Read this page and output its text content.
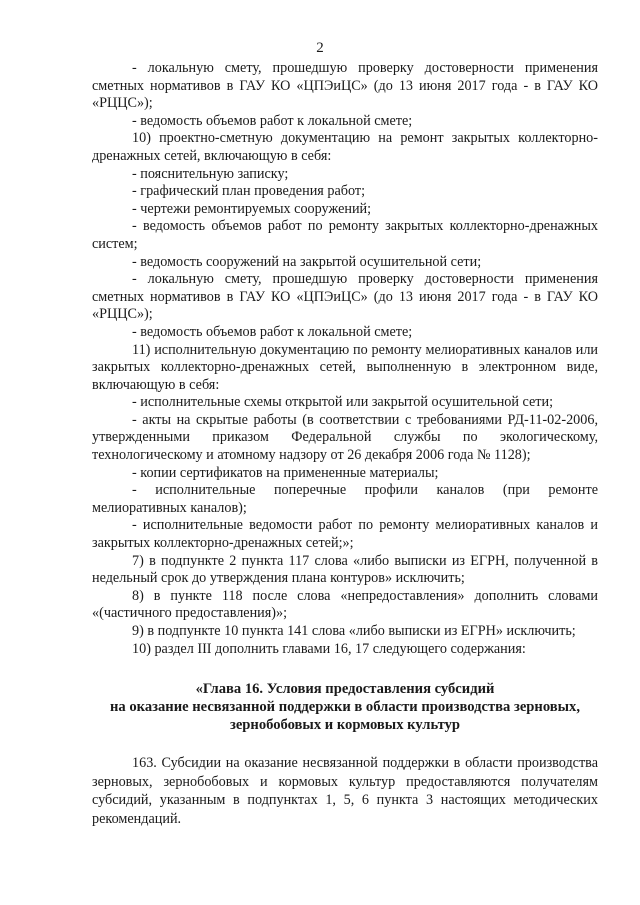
2

- локальную смету, прошедшую проверку достоверности применения сметных нормативов в ГАУ КО «ЦПЭиЦС» (до 13 июня 2017 года - в ГАУ КО «РЦЦС»);

- ведомость объемов работ к локальной смете;

10) проектно-сметную документацию на ремонт закрытых коллекторно-дренажных сетей, включающую в себя:

- пояснительную записку;

- графический план проведения работ;

- чертежи ремонтируемых сооружений;

- ведомость объемов работ по ремонту закрытых коллекторно-дренажных систем;

- ведомость сооружений на закрытой осушительной сети;

- локальную смету, прошедшую проверку достоверности применения сметных нормативов в ГАУ КО «ЦПЭиЦС» (до 13 июня 2017 года - в ГАУ КО «РЦЦС»);

- ведомость объемов работ к локальной смете;

11) исполнительную документацию по ремонту мелиоративных каналов или закрытых коллекторно-дренажных сетей, выполненную в электронном виде, включающую в себя:

- исполнительные схемы открытой или закрытой осушительной сети;

- акты на скрытые работы (в соответствии с требованиями РД-11-02-2006, утвержденными приказом Федеральной службы по экологическому, технологическому и атомному надзору от 26 декабря 2006 года № 1128);

- копии сертификатов на примененные материалы;

- исполнительные поперечные профили каналов (при ремонте мелиоративных каналов);

- исполнительные ведомости работ по ремонту мелиоративных каналов и закрытых коллекторно-дренажных сетей;»;

7) в подпункте 2 пункта 117 слова «либо выписки из ЕГРН, полученной в недельный срок до утверждения плана контуров» исключить;

8) в пункте 118 после слова «непредоставления» дополнить словами «(частичного предоставления)»;

9) в подпункте 10 пункта 141 слова «либо выписки из ЕГРН» исключить;

10) раздел III дополнить главами 16, 17 следующего содержания:

«Глава 16. Условия предоставления субсидий
на оказание несвязанной поддержки в области производства зерновых,
зернобобовых и кормовых культур

163. Субсидии на оказание несвязанной поддержки в области производства зерновых, зернобобовых и кормовых культур предоставляются получателям субсидий, указанным в подпунктах 1, 5, 6 пункта 3 настоящих методических рекомендаций.
